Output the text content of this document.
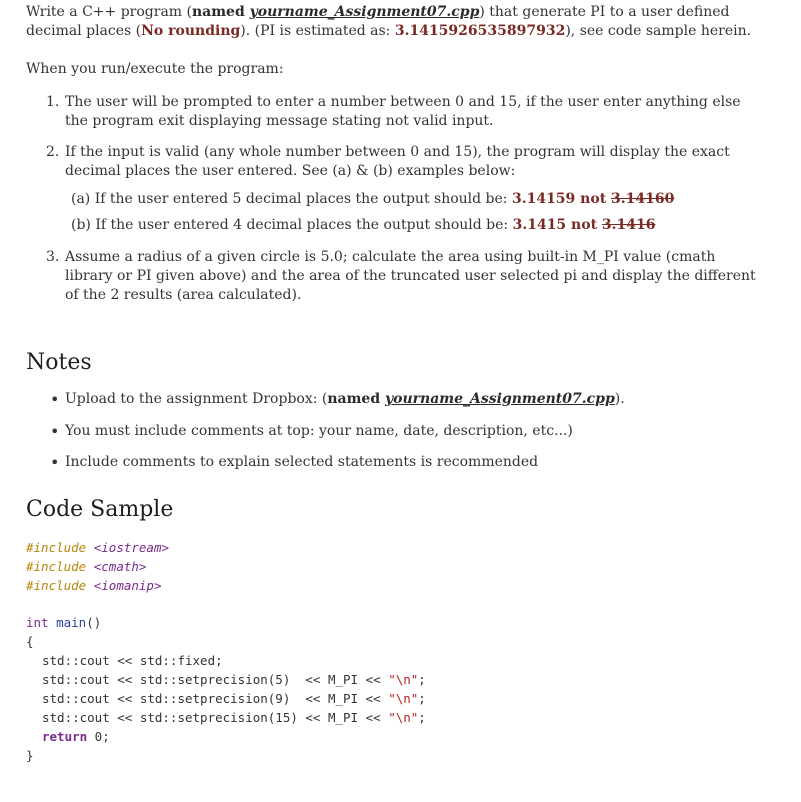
Write a C++ program (named yourname_Assignment07.cpp) that generate PI to a user defined decimal places (No rounding). (PI is estimated as: 3.1415926535897932), see code sample herein.

When you run/execute the program:

1. The user will be prompted to enter a number between 0 and 15, if the user enter anything else the program exit displaying message stating not valid input.
2. If the input is valid (any whole number between 0 and 15), the program will display the exact decimal places the user entered. See (a) & (b) examples below:
(a) If the user entered 5 decimal places the output should be: 3.14159 not 3.14160
(b) If the user entered 4 decimal places the output should be: 3.1415 not 3.1416
3. Assume a radius of a given circle is 5.0; calculate the area using built-in M_PI value (cmath library or PI given above) and the area of the truncated user selected pi and display the different of the 2 results (area calculated).
Notes
• Upload to the assignment Dropbox: (named yourname_Assignment07.cpp).
• You must include comments at top: your name, date, description, etc...)
• Include comments to explain selected statements is recommended
Code Sample
#include <iostream>
#include <cmath>
#include <iomanip>
int main()
{
std::cout << std::fixed;
std::cout << std::setprecision(5)  << M_PI << "\n";
std::cout << std::setprecision(9)  << M_PI << "\n";
std::cout << std::setprecision(15) << M_PI << "\n";
return 0;
}
